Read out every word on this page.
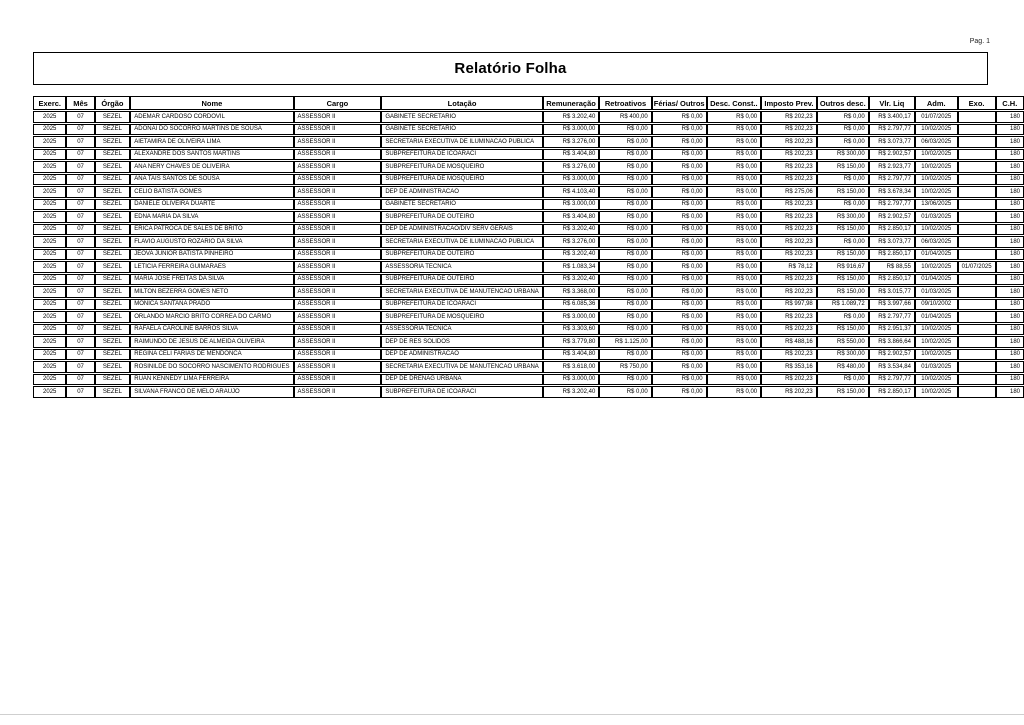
Pag. 1
Relatório Folha
Exerc.	Mês	Órgão	Nome	Cargo	Lotação	Remuneração	Retroativos	Férias/ Outros	Desc. Const..	Imposto Prev.	Outros desc.	Vlr. Liq	Adm.	Exo.	C.H.
2025	07	SEZEL	ADEMAR CARDOSO CORDOVIL	ASSESSOR II	GABINETE SECRETARIO	R$ 3.202,40	R$ 400,00	R$ 0,00	R$ 0,00	R$ 202,23	R$ 0,00	R$ 3.400,17	01/07/2025		180
2025	07	SEZEL	ADONAI DO SOCORRO MARTINS DE SOUSA	ASSESSOR II	GABINETE SECRETARIO	R$ 3.000,00	R$ 0,00	R$ 0,00	R$ 0,00	R$ 202,23	R$ 0,00	R$ 2.797,77	10/02/2025		180
2025	07	SEZEL	AIETAMIRA DE OLIVEIRA LIMA	ASSESSOR II	SECRETARIA EXECUTIVA DE ILUMINACAO PUBLICA	R$ 3.276,00	R$ 0,00	R$ 0,00	R$ 0,00	R$ 202,23	R$ 0,00	R$ 3.073,77	06/03/2025		180
2025	07	SEZEL	ALEXANDRE DOS SANTOS MARTINS	ASSESSOR II	SUBPREFEITURA DE ICOARACI	R$ 3.404,80	R$ 0,00	R$ 0,00	R$ 0,00	R$ 202,23	R$ 300,00	R$ 2.902,57	10/02/2025		180
2025	07	SEZEL	ANA NERY CHAVES DE OLIVEIRA	ASSESSOR II	SUBPREFEITURA DE MOSQUEIRO	R$ 3.276,00	R$ 0,00	R$ 0,00	R$ 0,00	R$ 202,23	R$ 150,00	R$ 2.923,77	10/02/2025		180
2025	07	SEZEL	ANA TAIS SANTOS DE SOUSA	ASSESSOR II	SUBPREFEITURA DE MOSQUEIRO	R$ 3.000,00	R$ 0,00	R$ 0,00	R$ 0,00	R$ 202,23	R$ 0,00	R$ 2.797,77	10/02/2025		180
2025	07	SEZEL	CELIO BATISTA GOMES	ASSESSOR II	DEP DE ADMINISTRACAO	R$ 4.103,40	R$ 0,00	R$ 0,00	R$ 0,00	R$ 275,06	R$ 150,00	R$ 3.678,34	10/02/2025		180
2025	07	SEZEL	DANIELE OLIVEIRA DUARTE	ASSESSOR II	GABINETE SECRETARIO	R$ 3.000,00	R$ 0,00	R$ 0,00	R$ 0,00	R$ 202,23	R$ 0,00	R$ 2.797,77	13/06/2025		180
2025	07	SEZEL	EDNA MARIA DA SILVA	ASSESSOR II	SUBPREFEITURA DE OUTEIRO	R$ 3.404,80	R$ 0,00	R$ 0,00	R$ 0,00	R$ 202,23	R$ 300,00	R$ 2.902,57	01/03/2025		180
2025	07	SEZEL	ERICA PATROCA DE SALES DE BRITO	ASSESSOR II	DEP DE ADMINISTRACAO/DIV SERV GERAIS	R$ 3.202,40	R$ 0,00	R$ 0,00	R$ 0,00	R$ 202,23	R$ 150,00	R$ 2.850,17	10/02/2025		180
2025	07	SEZEL	FLAVIO AUGUSTO ROZARIO DA SILVA	ASSESSOR II	SECRETARIA EXECUTIVA DE ILUMINACAO PUBLICA	R$ 3.276,00	R$ 0,00	R$ 0,00	R$ 0,00	R$ 202,23	R$ 0,00	R$ 3.073,77	06/03/2025		180
2025	07	SEZEL	JEOVA JUNIOR BATISTA PINHEIRO	ASSESSOR II	SUBPREFEITURA DE OUTEIRO	R$ 3.202,40	R$ 0,00	R$ 0,00	R$ 0,00	R$ 202,23	R$ 150,00	R$ 2.850,17	01/04/2025		180
2025	07	SEZEL	LETICIA FERREIRA GUIMARAES	ASSESSOR II	ASSESSORIA TECNICA	R$ 1.083,34	R$ 0,00	R$ 0,00	R$ 0,00	R$ 78,12	R$ 916,67	R$ 88,55	10/02/2025	01/07/2025	180
2025	07	SEZEL	MARIA JOSE FREITAS DA SILVA	ASSESSOR II	SUBPREFEITURA DE OUTEIRO	R$ 3.202,40	R$ 0,00	R$ 0,00	R$ 0,00	R$ 202,23	R$ 150,00	R$ 2.850,17	01/04/2025		180
2025	07	SEZEL	MILTON BEZERRA GOMES NETO	ASSESSOR II	SECRETARIA EXECUTIVA DE MANUTENCAO URBANA	R$ 3.368,00	R$ 0,00	R$ 0,00	R$ 0,00	R$ 202,23	R$ 150,00	R$ 3.015,77	01/03/2025		180
2025	07	SEZEL	MONICA SANTANA PRADO	ASSESSOR II	SUBPREFEITURA DE ICOARACI	R$ 6.085,36	R$ 0,00	R$ 0,00	R$ 0,00	R$ 997,98	R$ 1.089,72	R$ 3.997,66	09/10/2002		180
2025	07	SEZEL	ORLANDO MARCIO BRITO CORREA DO CARMO	ASSESSOR II	SUBPREFEITURA DE MOSQUEIRO	R$ 3.000,00	R$ 0,00	R$ 0,00	R$ 0,00	R$ 202,23	R$ 0,00	R$ 2.797,77	01/04/2025		180
2025	07	SEZEL	RAFAELA CAROLINE BARROS SILVA	ASSESSOR II	ASSESSORIA TECNICA	R$ 3.303,60	R$ 0,00	R$ 0,00	R$ 0,00	R$ 202,23	R$ 150,00	R$ 2.951,37	10/02/2025		180
2025	07	SEZEL	RAIMUNDO DE JESUS DE ALMEIDA OLIVEIRA	ASSESSOR II	DEP DE RES SOLIDOS	R$ 3.779,80	R$ 1.125,00	R$ 0,00	R$ 0,00	R$ 488,16	R$ 550,00	R$ 3.866,64	10/02/2025		180
2025	07	SEZEL	REGINA CELI FARIAS DE MENDONCA	ASSESSOR II	DEP DE ADMINISTRACAO	R$ 3.404,80	R$ 0,00	R$ 0,00	R$ 0,00	R$ 202,23	R$ 300,00	R$ 2.902,57	10/02/2025		180
2025	07	SEZEL	ROSINILDE DO SOCORRO NASCIMENTO RODRIGUES	ASSESSOR II	SECRETARIA EXECUTIVA DE MANUTENCAO URBANA	R$ 3.618,00	R$ 750,00	R$ 0,00	R$ 0,00	R$ 353,16	R$ 480,00	R$ 3.534,84	01/03/2025		180
2025	07	SEZEL	RUAN KENNEDY LIMA FERREIRA	ASSESSOR II	DEP DE DRENAG URBANA	R$ 3.000,00	R$ 0,00	R$ 0,00	R$ 0,00	R$ 202,23	R$ 0,00	R$ 2.797,77	10/02/2025		180
2025	07	SEZEL	SILVANA FRANCO DE MELO ARAUJO	ASSESSOR II	SUBPREFEITURA DE ICOARACI	R$ 3.202,40	R$ 0,00	R$ 0,00	R$ 0,00	R$ 202,23	R$ 150,00	R$ 2.850,17	10/02/2025		180
